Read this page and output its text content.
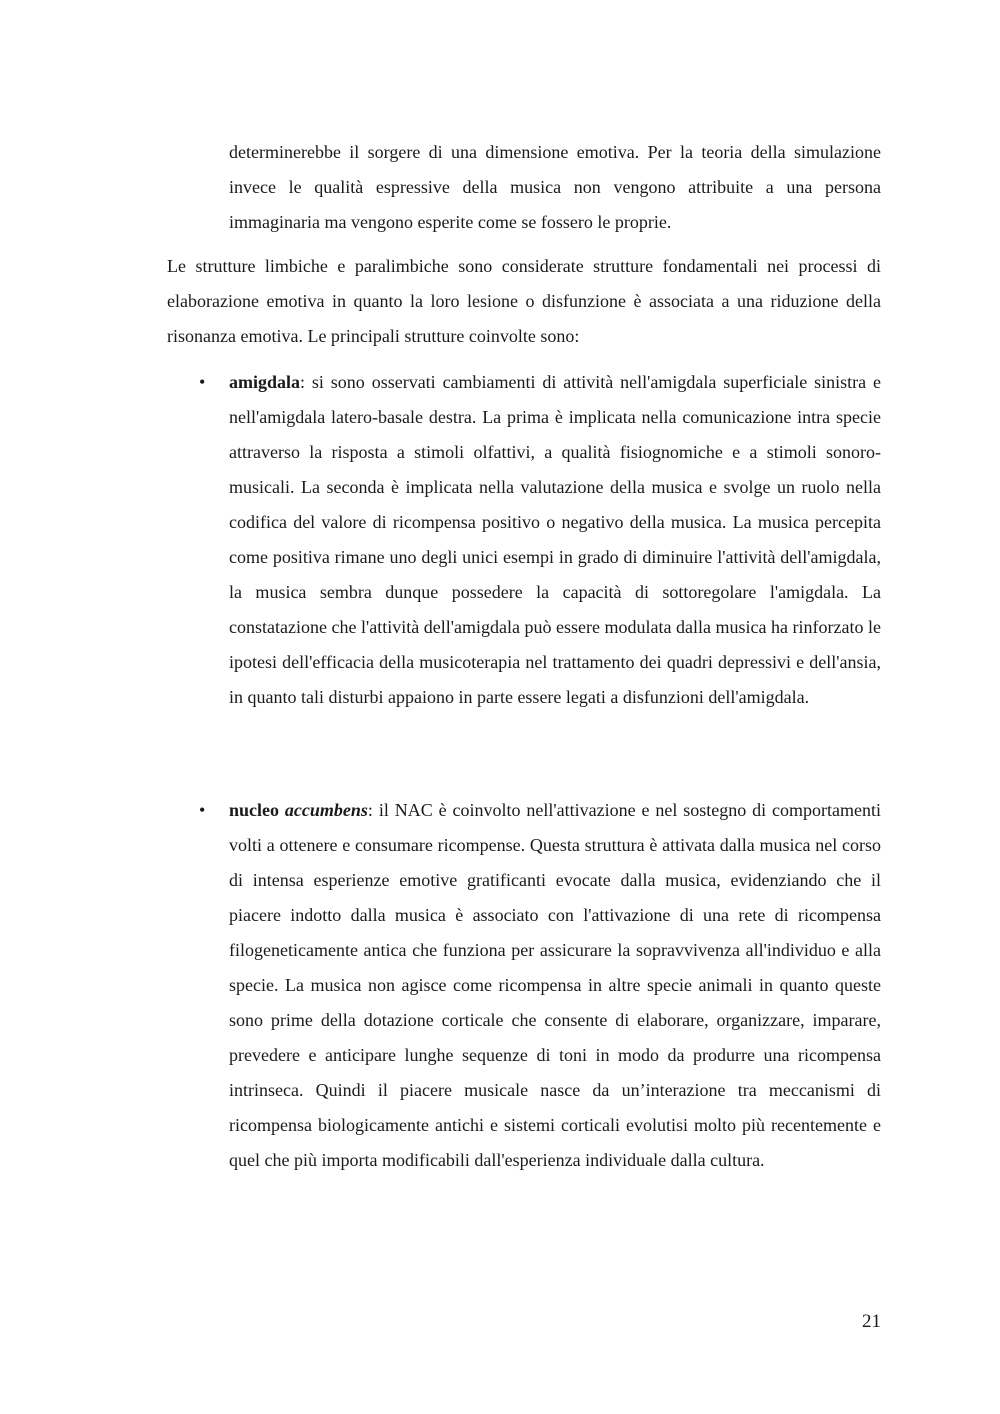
determinerebbe il sorgere di una dimensione emotiva. Per la teoria della simulazione invece le qualità espressive della musica non vengono attribuite a una persona immaginaria ma vengono esperite come se fossero le proprie.

Le strutture limbiche e paralimbiche sono considerate strutture fondamentali nei processi di elaborazione emotiva in quanto la loro lesione o disfunzione è associata a una riduzione della risonanza emotiva. Le principali strutture coinvolte sono:

• amigdala: si sono osservati cambiamenti di attività nell'amigdala superficiale sinistra e nell'amigdala latero-basale destra. La prima è implicata nella comunicazione intra specie attraverso la risposta a stimoli olfattivi, a qualità fisiognomiche e a stimoli sonoro-musicali. La seconda è implicata nella valutazione della musica e svolge un ruolo nella codifica del valore di ricompensa positivo o negativo della musica. La musica percepita come positiva rimane uno degli unici esempi in grado di diminuire l'attività dell'amigdala, la musica sembra dunque possedere la capacità di sottoregolare l'amigdala. La constatazione che l'attività dell'amigdala può essere modulata dalla musica ha rinforzato le ipotesi dell'efficacia della musicoterapia nel trattamento dei quadri depressivi e dell'ansia, in quanto tali disturbi appaiono in parte essere legati a disfunzioni dell'amigdala.

• nucleo accumbens: il NAC è coinvolto nell'attivazione e nel sostegno di comportamenti volti a ottenere e consumare ricompense. Questa struttura è attivata dalla musica nel corso di intensa esperienze emotive gratificanti evocate dalla musica, evidenziando che il piacere indotto dalla musica è associato con l'attivazione di una rete di ricompensa filogeneticamente antica che funziona per assicurare la sopravvivenza all'individuo e alla specie. La musica non agisce come ricompensa in altre specie animali in quanto queste sono prime della dotazione corticale che consente di elaborare, organizzare, imparare, prevedere e anticipare lunghe sequenze di toni in modo da produrre una ricompensa intrinseca. Quindi il piacere musicale nasce da un’interazione tra meccanismi di ricompensa biologicamente antichi e sistemi corticali evolutisi molto più recentemente e quel che più importa modificabili dall'esperienza individuale dalla cultura.

21
